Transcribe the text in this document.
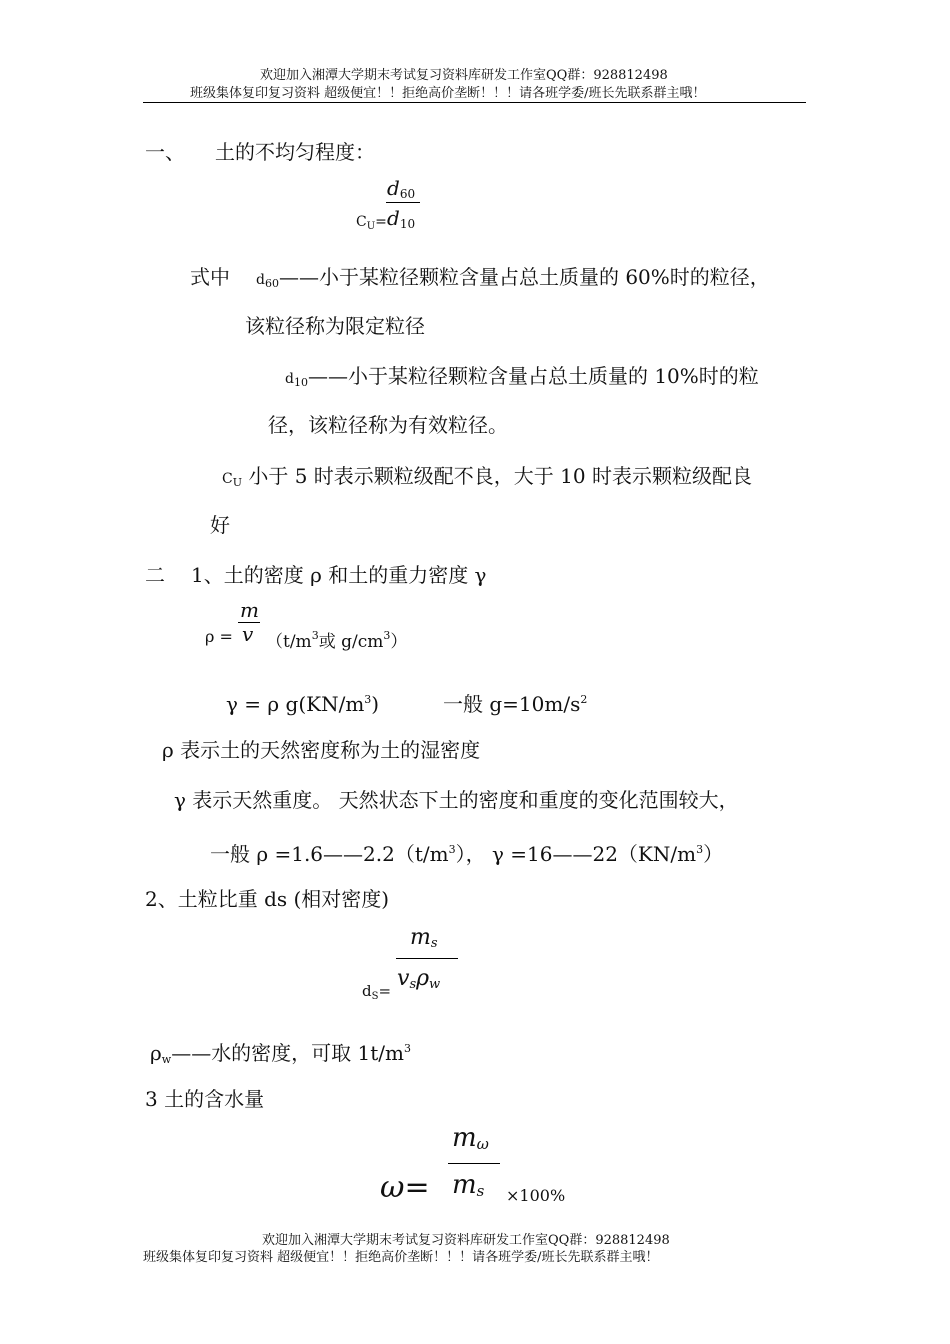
欢迎加入湘潭大学期末考试复习资料库研发工作室QQ群：928812498
班级集体复印复习资料 超级便宜！！拒绝高价垄断！！！请各班学委/班长先联系群主哦！
一、 土的不均匀程度：
$d_{60}$
$C_U= d_{10}$
式中 $d_{60}——$小于某粒径颗粒含量占总土质量的 60%时的粒径，
该粒径称为限定粒径
$d_{10}——$小于某粒径颗粒含量占总土质量的 10%时的粒
径，该粒径称为有效粒径。
$C_U$ 小于 5 时表示颗粒级配不良，大于 10 时表示颗粒级配良
好
二 1、土的密度 ρ 和土的重力密度 γ
m
ρ = v （$t/m^3$或 $g/cm^3$）
γ = ρ $g(KN/m^3)$	一般 $g=10m/s^2$
ρ 表示土的天然密度称为土的湿密度
γ 表示天然重度。 天然状态下土的密度和重度的变化范围较大，
一般 $\rho =1.6——2.2(t/m^3)$， $\gamma =16——22(KN/m^3)$
2、土粒比重 ds (相对密度)
$m_s$
$d_S= v_s\rho_w$
$\rho_w——$水的密度，可取 $1t/m^3$
3 土的含水量
$m_\omega$
$\omega= m_s \times 100\%$
欢迎加入湘潭大学期末考试复习资料库研发工作室QQ群：928812498
班级集体复印复习资料 超级便宜！！拒绝高价垄断！！！请各班学委/班长先联系群主哦！
